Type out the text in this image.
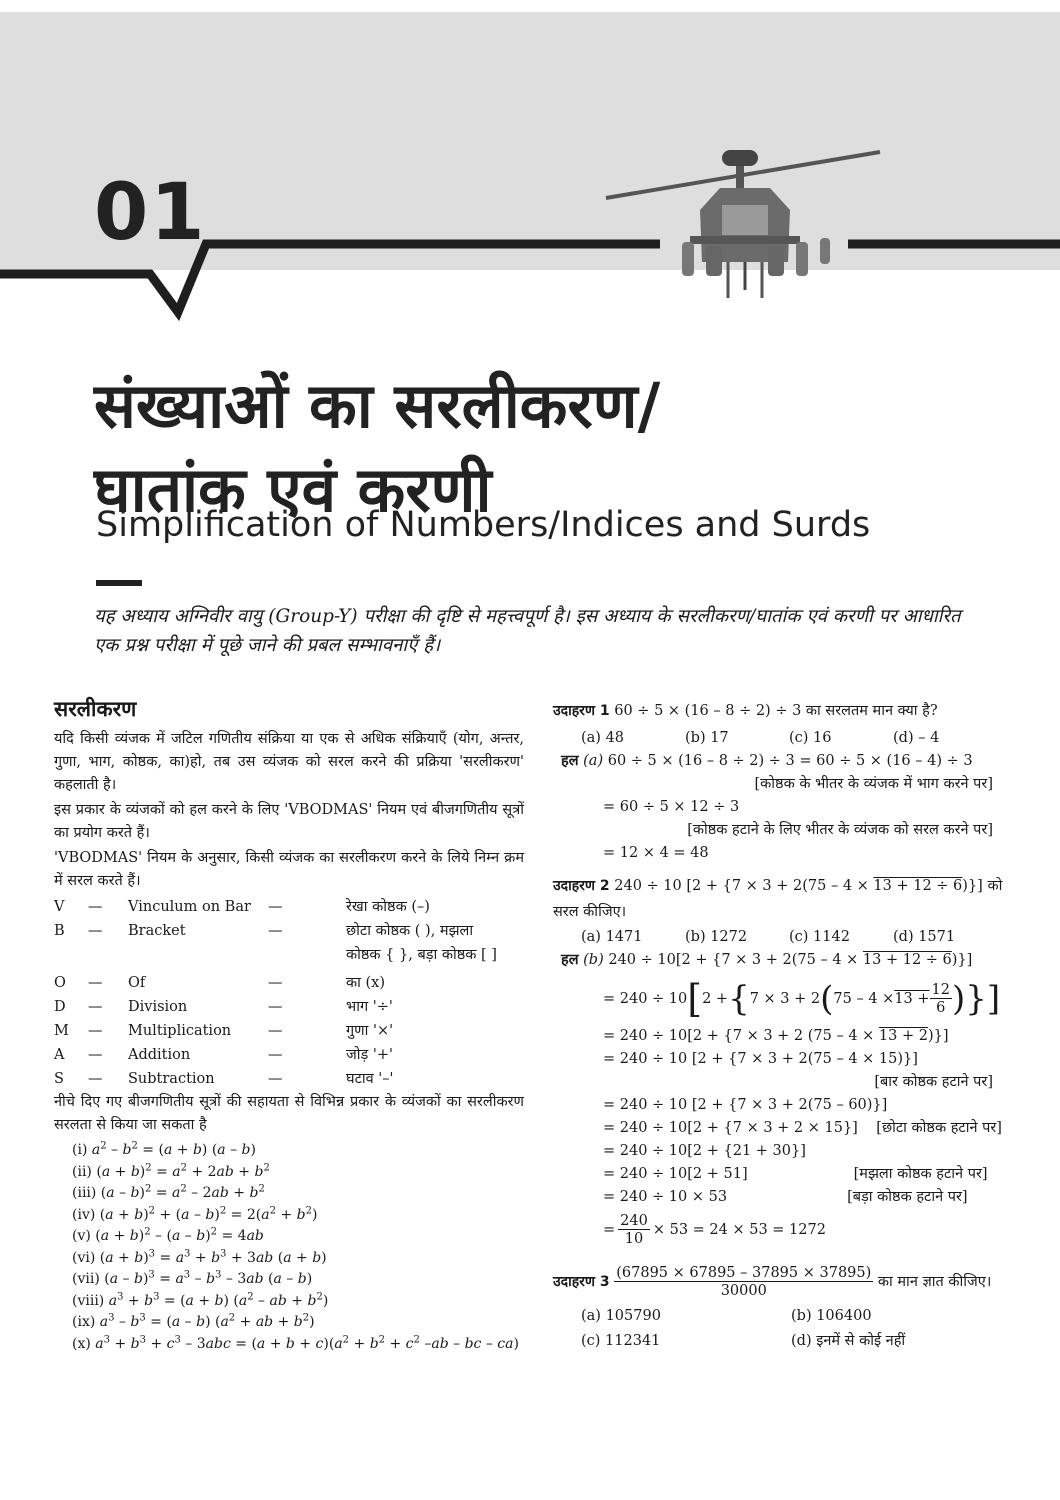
01
संख्याओं का सरलीकरण/
घातांक एवं करणी
Simplification of Numbers/Indices and Surds
यह अध्याय अग्निवीर वायु (Group-Y) परीक्षा की दृष्टि से महत्त्वपूर्ण है। इस अध्याय के सरलीकरण/घातांक एवं करणी पर आधारित एक प्रश्न परीक्षा में पूछे जाने की प्रबल सम्भावनाएँ हैं।
सरलीकरण

यदि किसी व्यंजक में जटिल गणितीय संक्रिया या एक से अधिक संक्रियाएँ (योग, अन्तर, गुणा, भाग, कोष्ठक, का)हो, तब उस व्यंजक को सरल करने की प्रक्रिया 'सरलीकरण' कहलाती है।

इस प्रकार के व्यंजकों को हल करने के लिए 'VBODMAS' नियम एवं बीजगणितीय सूत्रों का प्रयोग करते हैं।

'VBODMAS' नियम के अनुसार, किसी व्यंजक का सरलीकरण करने के लिये निम्न क्रम में सरल करते हैं।

V	—	Vinculum on Bar	—	रेखा कोष्ठक (–)
B	—	Bracket	—	छोटा कोष्ठक ( ), मझला
कोष्ठक { }, बड़ा कोष्ठक [ ]
O	—	Of	—	का (x)
D	—	Division	—	भाग '÷'
M	—	Multiplication	—	गुणा '×'
A	—	Addition	—	जोड़ '+'
S	—	Subtraction	—	घटाव '–'

नीचे दिए गए बीजगणितीय सूत्रों की सहायता से विभिन्न प्रकार के व्यंजकों का सरलीकरण सरलता से किया जा सकता है

(i) $a^2 - b^2 = (a + b)$ (a – b)
(ii) $(a + b)^2 = a^2 + 2ab + b^2$
(iii) $(a - b)^2 = a^2 - 2ab + b^2$
(iv) $(a + b)^2 + (a - b)^2 = 2(a^2 + b^2)$
(v) $(a + b)^2 - (a - b)^2 = 4ab$
(vi) $(a + b)^3 = a^3 + b^3 + 3ab$ (a + b)
(vii) $(a - b)^3 = a^3 - b^3 - 3ab$ (a – b)
(viii) $a^3 + b^3 = (a + b)$ ($a^2$ – ab + $b^2$)
(ix) $a^3 - b^3 = (a - b) (a^2$ + ab + $b^2$)
(x) $a^3 + b^3 + c^3 - 3abc = (a + b + c)(a^2 + b^2 + c^2$ –ab – bc – ca)
उदाहरण 1 60 ÷ 5 × (16 – 8 ÷ 2) ÷ 3 का सरलतम मान क्या है?
(a) 48	(b) 17	(c) 16	(d) – 4
हल (a) 60 ÷ 5 × (16 – 8 ÷ 2) ÷ 3 = 60 ÷ 5 × (16 – 4) ÷ 3
[कोष्ठक के भीतर के व्यंजक में भाग करने पर]
= 60 ÷ 5 × 12 ÷ 3
[कोष्ठक हटाने के लिए भीतर के व्यंजक को सरल करने पर]
= 12 × 4 = 48
उदाहरण 2 240 ÷ 10 [2 + {7 × 3 + 2(75 – 4 × 13 + 12 ÷ 6)}] को सरल कीजिए।
(a) 1471	(b) 1272	(c) 1142	(d) 1571
हल (b) 240 ÷ 10[2 + {7 × 3 + 2(75 – 4 × 13 + 12 ÷ 6)}]
= 240 ÷ 10 [ 2 + { 7 × 3 + 2 ( $75 - 4 \times 13 + \frac{12}{6}$ )}]
= 240 ÷ 10[2 + {7 × 3 + 2 (75 – 4 × 13 + 2)}]
= 240 ÷ 10 [2 + {7 × 3 + 2(75 – 4 × 15)}]
[बार कोष्ठक हटाने पर]
= 240 ÷ 10 [2 + {7 × 3 + 2(75 – 60)}]
= 240 ÷ 10[2 + {7 × 3 + 2 × 15}]    [छोटा कोष्ठक हटाने पर]
= 240 ÷ 10[2 + {21 + 30}]
= 240 ÷ 10[2 + 51]	[मझला कोष्ठक हटाने पर]
= 240 ÷ 10 × 53	[बड़ा कोष्ठक हटाने पर]
= $\frac{240}{10} \times 53 = 24 \times 53 = 1272$
उदाहरण 3
$\frac{(67895 \times 67895 - 37895 \times 37895)}{30000}$
का मान ज्ञात कीजिए।
(a) 105790	(b) 106400
(c) 112341	(d) इनमें से कोई नहीं
